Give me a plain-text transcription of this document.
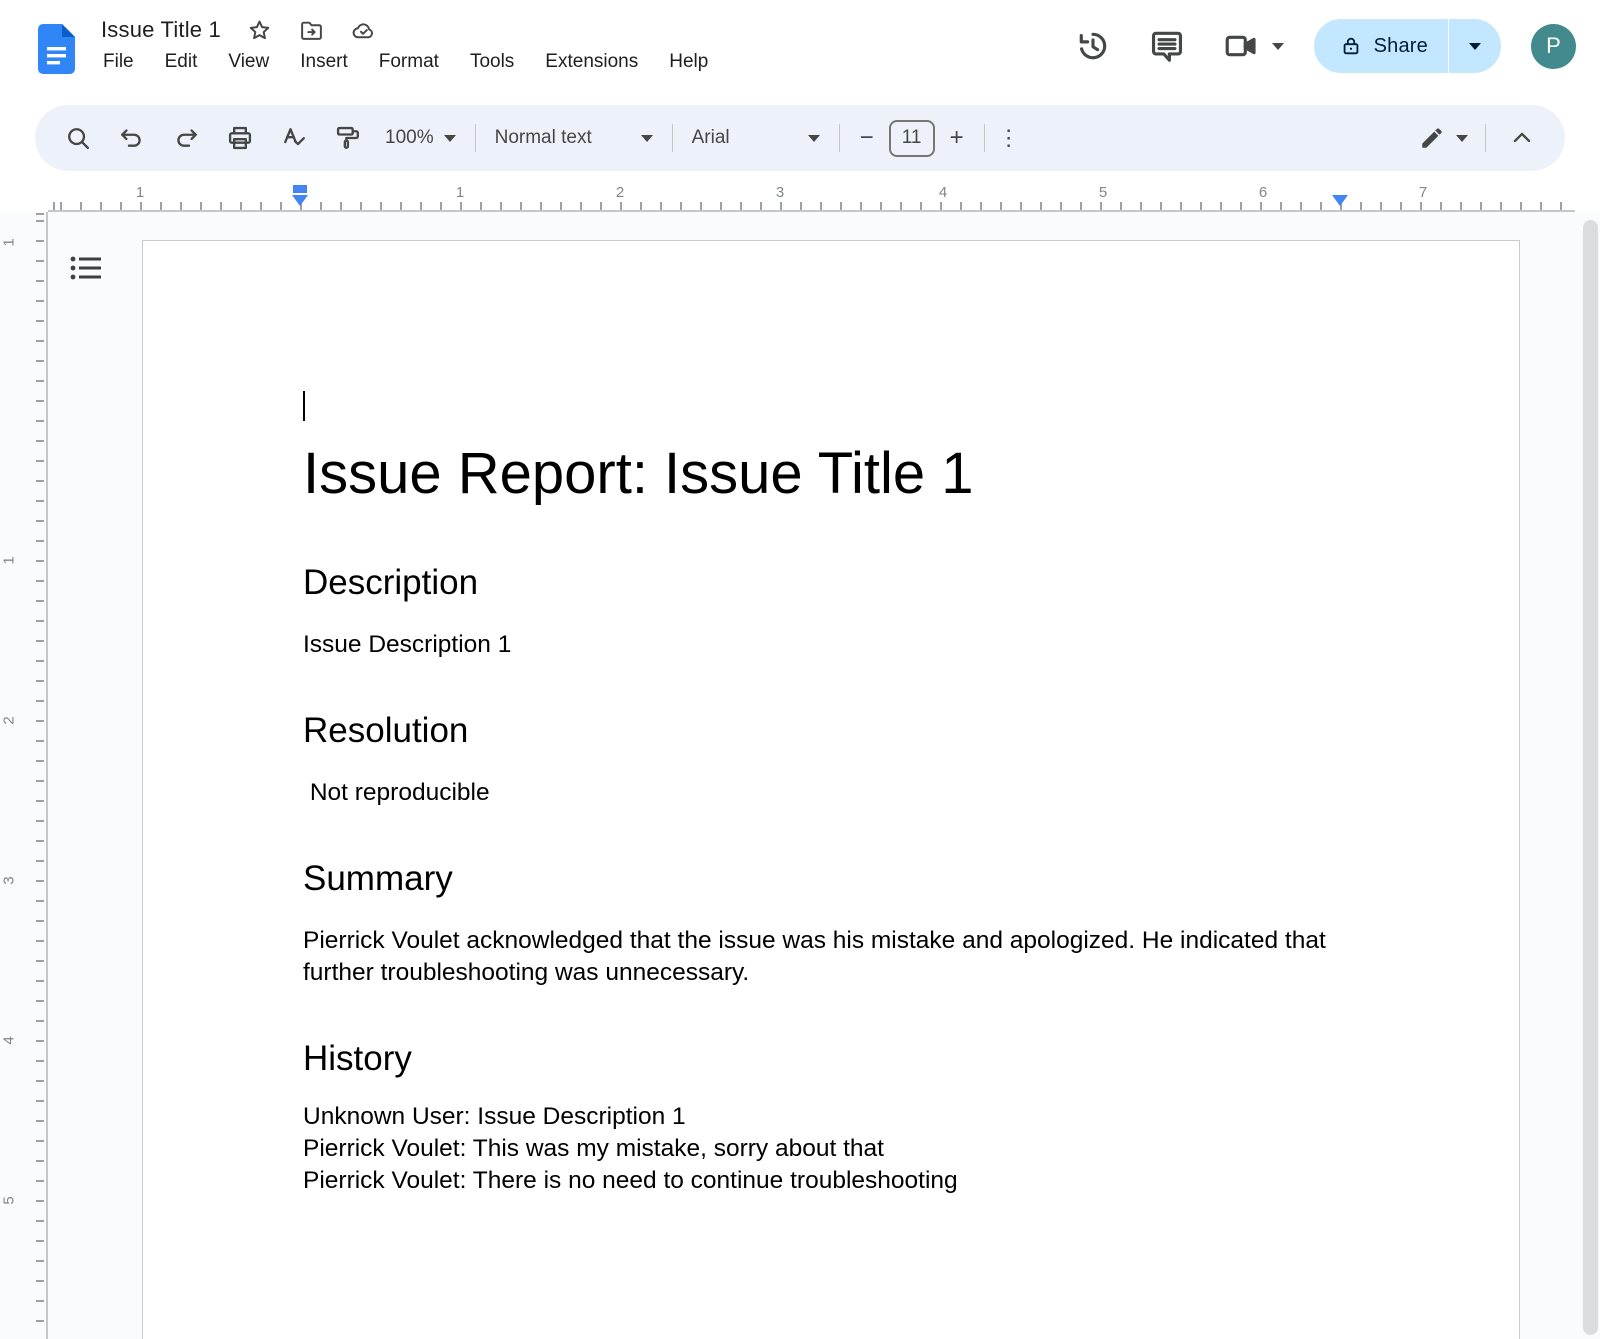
Issue Title 1
File Edit View Insert Format Tools Extensions Help
Share	P
100%	Normal text	Arial	−	11	+	⋮
1	1	2	3	4	5	6	7
1
1
2
3
4
5
Issue Report: Issue Title 1
Description

Issue Description 1

Resolution

Not reproducible

Summary

Pierrick Voulet acknowledged that the issue was his mistake and apologized. He indicated that further troubleshooting was unnecessary.

History

Unknown User: Issue Description 1

Pierrick Voulet: This was my mistake, sorry about that

Pierrick Voulet: There is no need to continue troubleshooting
